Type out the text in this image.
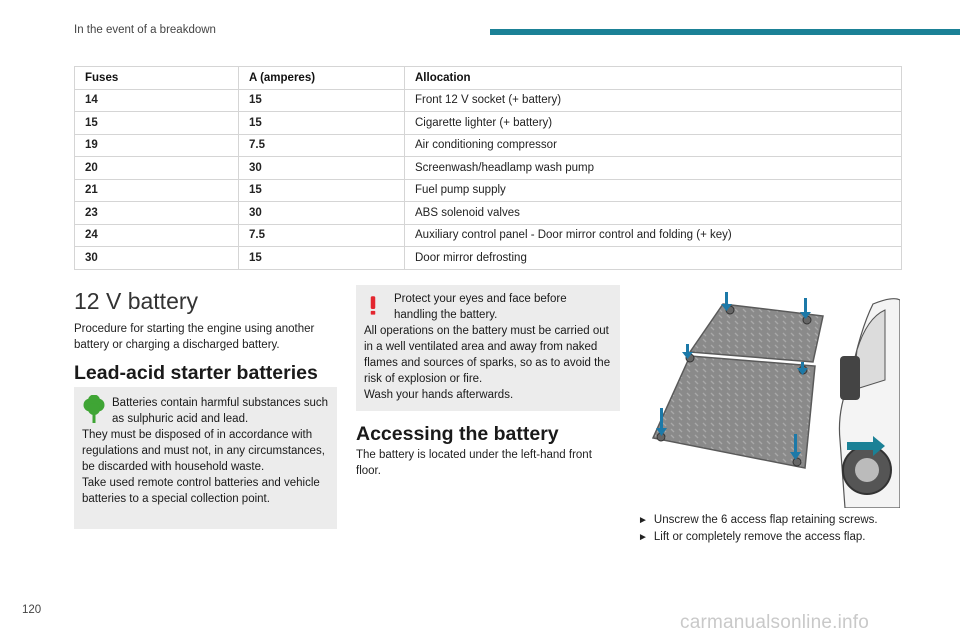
In the event of a breakdown
Fuses	A (amperes)	Allocation
14	15	Front 12 V socket (+ battery)
15	15	Cigarette lighter (+ battery)
19	7.5	Air conditioning compressor
20	30	Screenwash/headlamp wash pump
21	15	Fuel pump supply
23	30	ABS solenoid valves
24	7.5	Auxiliary control panel - Door mirror control and folding (+ key)
30	15	Door mirror defrosting
12 V battery

Procedure for starting the engine using another battery or charging a discharged battery.

Lead-acid starter batteries
Batteries contain harmful substances such as sulphuric acid and lead.
They must be disposed of in accordance with regulations and must not, in any circumstances, be discarded with household waste.
Take used remote control batteries and vehicle batteries to a special collection point.
Protect your eyes and face before handling the battery.
All operations on the battery must be carried out in a well ventilated area and away from naked flames and sources of sparks, so as to avoid the risk of explosion or fire.
Wash your hands afterwards.
Accessing the battery

The battery is located under the left-hand front floor.

► Unscrew the 6 access flap retaining screws.
► Lift or completely remove the access flap.
120
carmanualsonline.info
